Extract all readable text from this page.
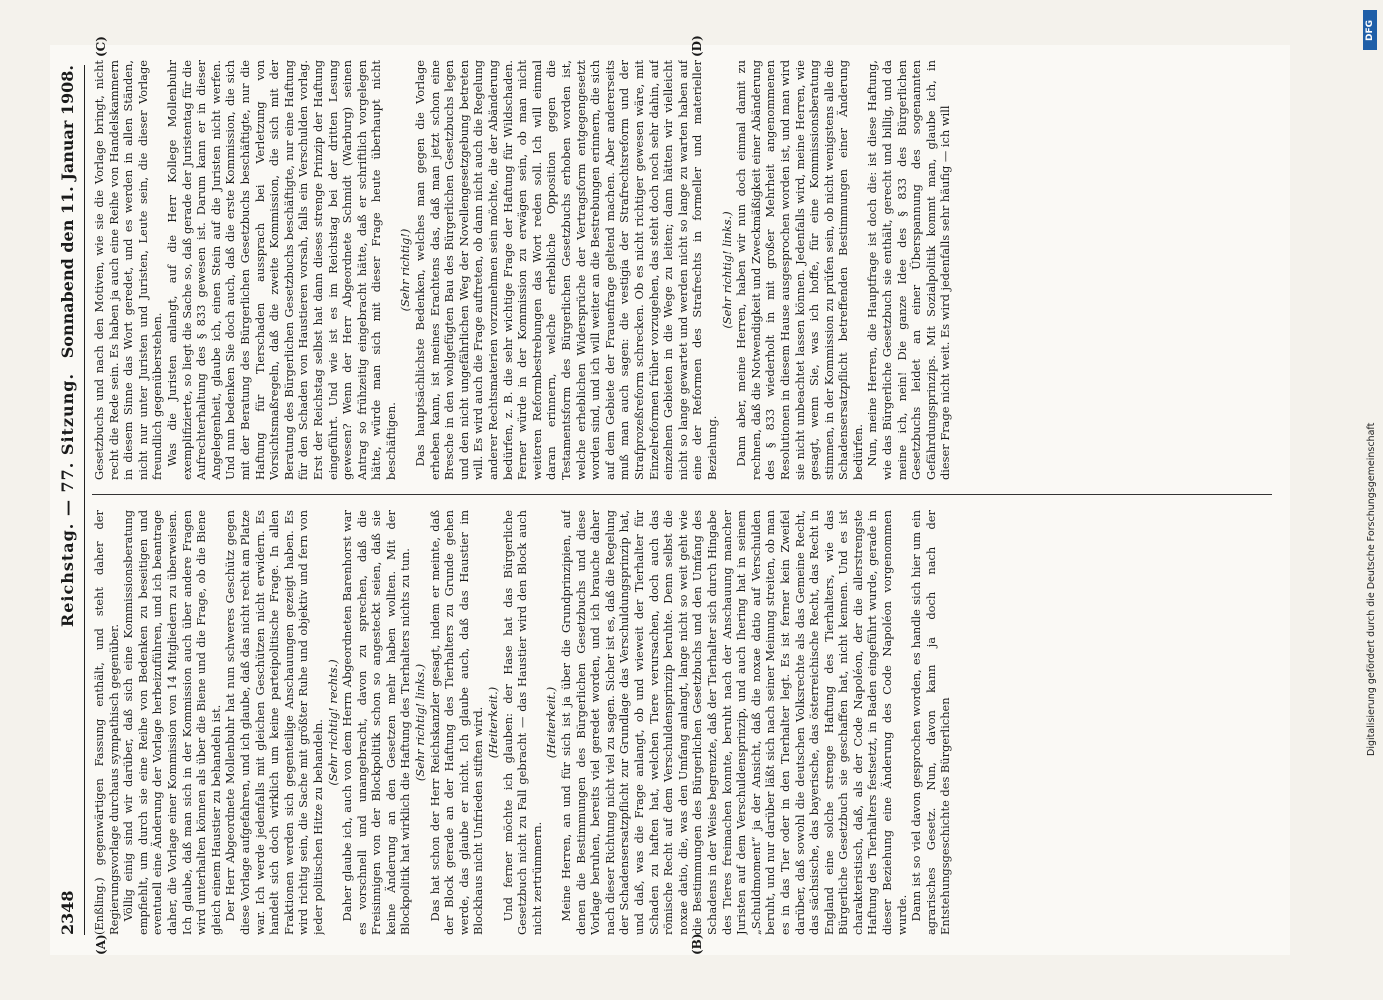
2348
Reichstag. — 77. Sitzung.
Sonnabend den 11. Januar 1908.
(A)	(B)
(C)	(D)

(Enßling.) gegenwärtigen Fassung enthält, und steht daher der Regierungsvorlage durchaus sympathisch gegenüber. Völlig einig sind wir darüber, daß sich eine Kommissionsberatung empfiehlt, um durch sie eine Reihe von Bedenken zu beseitigen und eventuell eine Änderung der Vorlage herbeizuführen, und ich beantrage daher, die Vorlage einer Kommission von 14 Mitgliedern zu überweisen. Ich glaube, daß man sich in der Kommission auch über andere Fragen wird unterhalten können als über die Biene und die Frage, ob die Biene gleich einem Haustier zu behandeln ist. Der Herr Abgeordnete Mollenbuhr hat nun schweres Geschütz gegen diese Vorlage aufgefahren, und ich glaube, daß das nicht recht am Platze war. Ich werde jedenfalls mit gleichen Geschützen nicht erwidern. Es handelt sich doch wirklich um keine parteipolitische Frage. In allen Fraktionen werden sich gegenteilige Anschauungen gezeigt haben. Es wird richtig sein, die Sache mit größter Ruhe und objektiv und fern von jeder politischen Hitze zu behandeln. (Sehr richtig! rechts.) Daher glaube ich, auch von dem Herrn Abgeordneten Barenhorst war es vorschnell und unangebracht, davon zu sprechen, daß die Freisinnigen von der Blockpolitik schon so angesteckt seien, daß sie keine Änderung an den Gesetzen mehr haben wollten. Mit der Blockpolitik hat wirklich die Haftung des Tierhalters nichts zu tun. (Sehr richtig! links.) Das hat schon der Herr Reichskanzler gesagt, indem er meinte, daß der Block gerade an der Haftung des Tierhalters zu Grunde gehen werde, das glaube er nicht. Ich glaube auch, daß das Haustier im Blockhaus nicht Unfrieden stiften wird. (Heiterkeit.) Und ferner möchte ich glauben: der Hase hat das Bürgerliche Gesetzbuch nicht zu Fall gebracht — das Haustier wird den Block auch nicht zertrümmern.

(Heiterkeit.) Meine Herren, an und für sich ist ja über die Grundprinzipien, auf denen die Bestimmungen des Bürgerlichen Gesetzbuchs und diese Vorlage beruhen, bereits viel geredet worden, und ich brauche daher nach dieser Richtung nicht viel zu sagen. Sicher ist es, daß die Regelung der Schadensersatzpflicht zur Grundlage das Verschuldungsprinzip hat, und daß, was die Frage anlangt, ob und wieweit der Tierhalter für Schaden zu haften hat, welchen Tiere verursachen, doch auch das römische Recht auf dem Verschuldensprinzip beruhte. Denn selbst die noxae datio, die, was den Umfang anlangt, lange nicht so weit geht wie die Bestimmungen des Bürgerlichen Gesetzbuchs und den Umfang des Schadens in der Weise begrenzte, daß der Tierhalter sich durch Hingabe des Tieres freimachen konnte, beruht nach der Anschauung mancher Juristen auf dem Verschuldensprinzip, und auch Ihering hat in seinem „Schuldmoment“ ja der Ansicht, daß die noxae datio auf Verschulden beruht, und nur darüber läßt sich nach seiner Meinung streiten, ob man es in das Tier oder in den Tierhalter legt. Es ist ferner kein Zweifel darüber, daß sowohl die deutschen Volksrechte als das Gemeine Recht, das sächsische, das bayerische, das österreichische Recht, das Recht in England eine solche strenge Haftung des Tierhalters, wie das Bürgerliche Gesetzbuch sie geschaffen hat, nicht kennen. Und es ist charakteristisch, daß, als der Code Napoléon, der die allerstrengste Haftung des Tierhalters festsetzt, in Baden eingeführt wurde, gerade in dieser Beziehung eine Änderung des Code Napoléon vorgenommen wurde. Dann ist so viel davon gesprochen worden, es handle sich hier um ein agrarisches Gesetz. Nun, davon kann ja doch nach der Entstehungsgeschichte des Bürgerlichen

Gesetzbuchs und nach den Motiven, wie sie die Vorlage bringt, nicht recht die Rede sein. Es haben ja auch eine Reihe von Handelskammern in diesem Sinne das Wort geredet, und es werden in allen Ständen, nicht nur unter Juristen und Juristen, Leute sein, die dieser Vorlage freundlich gegenüberstehen. Was die Juristen anlangt, auf die Herr Kollege Mollenbuhr exemplifizierte, so liegt die Sache so, daß gerade der Juristentag für die Aufrechterhaltung des § 833 gewesen ist. Darum kann er in dieser Angelegenheit, glaube ich, einen Stein auf die Juristen nicht werfen. Und nun bedenken Sie doch auch, daß die erste Kommission, die sich mit der Beratung des Bürgerlichen Gesetzbuchs beschäftigte, nur die Haftung für Tierschaden aussprach bei Verletzung von Vorsichtsmaßregeln, daß die zweite Kommission, die sich mit der Beratung des Bürgerlichen Gesetzbuchs beschäftigte, nur eine Haftung für den Schaden von Haustieren vorsah, falls ein Verschulden vorlag. Erst der Reichstag selbst hat dann dieses strenge Prinzip der Haftung eingeführt. Und wie ist es im Reichstag bei der dritten Lesung gewesen? Wenn der Herr Abgeordnete Schmidt (Warburg) seinen Antrag so frühzeitig eingebracht hätte, daß er schriftlich vorgelegen hätte, würde man sich mit dieser Frage heute überhaupt nicht beschäftigen.

(Sehr richtig!) Das hauptsächlichste Bedenken, welches man gegen die Vorlage erheben kann, ist meines Erachtens das, daß man jetzt schon eine Bresche in den wohlgefügten Bau des Bürgerlichen Gesetzbuchs legen und den nicht ungefährlichen Weg der Novellengesetzgebung betreten will. Es wird auch die Frage auftreten, ob dann nicht auch die Regelung anderer Rechtsmaterien vorzunehmen sein möchte, die der Abänderung bedürfen, z. B. die sehr wichtige Frage der Haftung für Wildschaden. Ferner würde in der Kommission zu erwägen sein, ob man nicht weiteren Reformbestrebungen das Wort reden soll. Ich will einmal daran erinnern, welche erhebliche Opposition gegen die Testamentsform des Bürgerlichen Gesetzbuchs erhoben worden ist, welche erheblichen Widersprüche der Vertragsform entgegengesetzt worden sind, und ich will weiter an die Bestrebungen erinnern, die sich auf dem Gebiete der Frauenfrage geltend machen. Aber andererseits muß man auch sagen: die vestigia der Strafrechtsreform und der Strafprozeßreform schrecken. Ob es nicht richtiger gewesen wäre, mit Einzelreformen früher vorzugehen, das steht doch noch sehr dahin, auf einzelnen Gebieten in die Wege zu leiten; dann hätten wir vielleicht nicht so lange gewartet und werden nicht so lange zu warten haben auf eine der Reformen des Strafrechts in formeller und materieller Beziehung.

(Sehr richtig! links.) Dann aber, meine Herren, haben wir nun doch einmal damit zu rechnen, daß die Notwendigkeit und Zweckmäßigkeit einer Abänderung des § 833 wiederholt in mit großer Mehrheit angenommenen Resolutionen in diesem Hause ausgesprochen worden ist, und man wird sie nicht unbeachtet lassen können. Jedenfalls wird, meine Herren, wie gesagt, wenn Sie, was ich hoffe, für eine Kommissionsberatung stimmen, in der Kommission zu prüfen sein, ob nicht wenigstens alle die Schadensersatzpflicht betreffenden Bestimmungen einer Änderung bedürfen. Nun, meine Herren, die Hauptfrage ist doch die: ist diese Haftung, wie das Bürgerliche Gesetzbuch sie enthält, gerecht und billig, und da meine ich, nein! Die ganze Idee des § 833 des Bürgerlichen Gesetzbuchs leidet an einer Überspannung des sogenannten Gefährdungsprinzips. Mit Sozialpolitik kommt man, glaube ich, in dieser Frage nicht weit. Es wird jedenfalls sehr häufig — ich will

DFG
Digitalisierung gefördert durch die Deutsche Forschungsgemeinschaft
